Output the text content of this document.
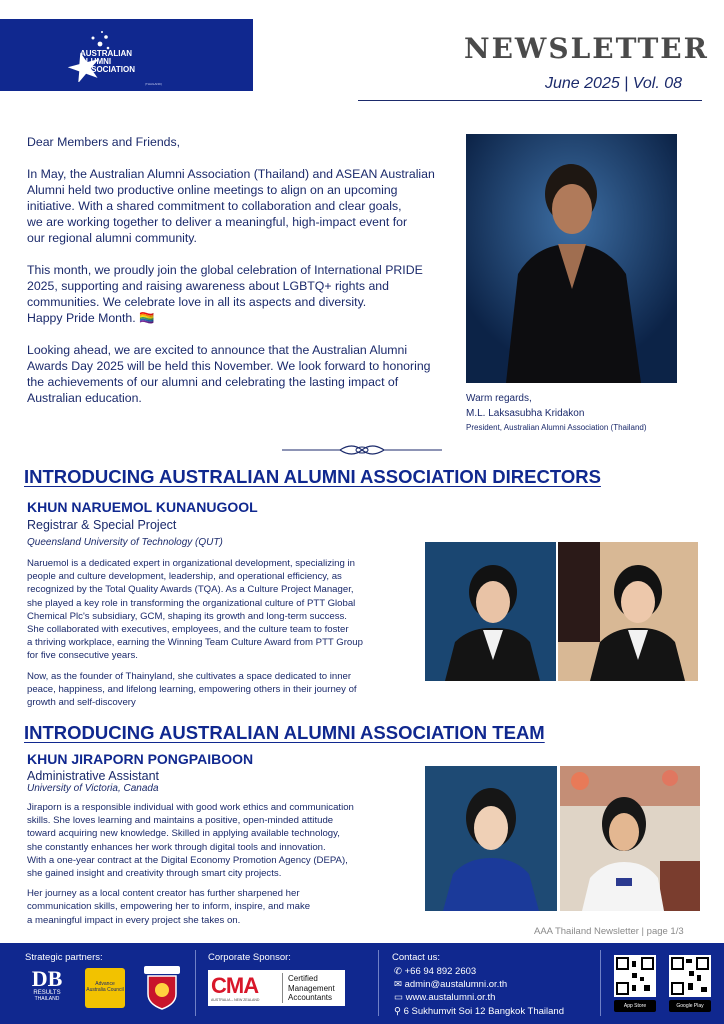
AUSTRALIAN
ALUMNI
ASSOCIATION
(THAILAND)
NEWSLETTER
June 2025 | Vol. 08

Dear Members and Friends,

In May, the Australian Alumni Association (Thailand) and ASEAN Australian

Alumni held two productive online meetings to align on an upcoming

initiative. With a shared commitment to collaboration and clear goals,

we are working together to deliver a meaningful, high-impact event for

our regional alumni community.

This month, we proudly join the global celebration of International PRIDE

2025, supporting and raising awareness about LGBTQ+ rights and

communities. We celebrate love in all its aspects and diversity.

Happy Pride Month. 🏳️‍🌈

Looking ahead, we are excited to announce that the Australian Alumni

Awards Day 2025 will be held this November. We look forward to honoring

the achievements of our alumni and celebrating the lasting impact of

Australian education.	Warm regards,
M.L. Laksasubha Kridakon
President, Australian Alumni Association (Thailand)
INTRODUCING AUSTRALIAN ALUMNI ASSOCIATION DIRECTORS
KHUN NARUEMOL KUNANUGOOL
Registrar & Special Project
Queensland University of Technology (QUT)

Naruemol is a dedicated expert in organizational development, specializing in

people and culture development, leadership, and operational efficiency, as

recognized by the Total Quality Awards (TQA). As a Culture Project Manager,

she played a key role in transforming the organizational culture of PTT Global

Chemical Plc's subsidiary, GCM, shaping its growth and long-term success.

She collaborated with executives, employees, and the culture team to foster

a thriving workplace, earning the Winning Team Culture Award from PTT Group

for five consecutive years.

Now, as the founder of Thainyland, she cultivates a space dedicated to inner

peace, happiness, and lifelong learning, empowering others in their journey of

growth and self-discovery

INTRODUCING AUSTRALIAN ALUMNI ASSOCIATION TEAM
KHUN JIRAPORN PONGPAIBOON
Administrative Assistant
University of Victoria, Canada

Jiraporn is a responsible individual with good work ethics and communication

skills. She loves learning and maintains a positive, open-minded attitude

toward acquiring new knowledge. Skilled in applying available technology,

she constantly enhances her work through digital tools and innovation.

With a one-year contract at the Digital Economy Promotion Agency (DEPA),

she gained insight and creativity through smart city projects.

Her journey as a local content creator has further sharpened her

communication skills, empowering her to inform, inspire, and make

a meaningful impact in every project she takes on.

AAA Thailand Newsletter | page 1/3
Strategic partners:
DB
RESULTS
THAILAND
Advance Australia Council
Corporate Sponsor:
CMA
AUSTRALIA – NEW ZEALAND
Certified
Management
Accountants
Contact us:

✆ +66 94 892 2603

✉ admin@austalumni.or.th

▭ www.austalumni.or.th

⚲ 6 Sukhumvit Soi 12 Bangkok Thailand	App Store	Google Play
